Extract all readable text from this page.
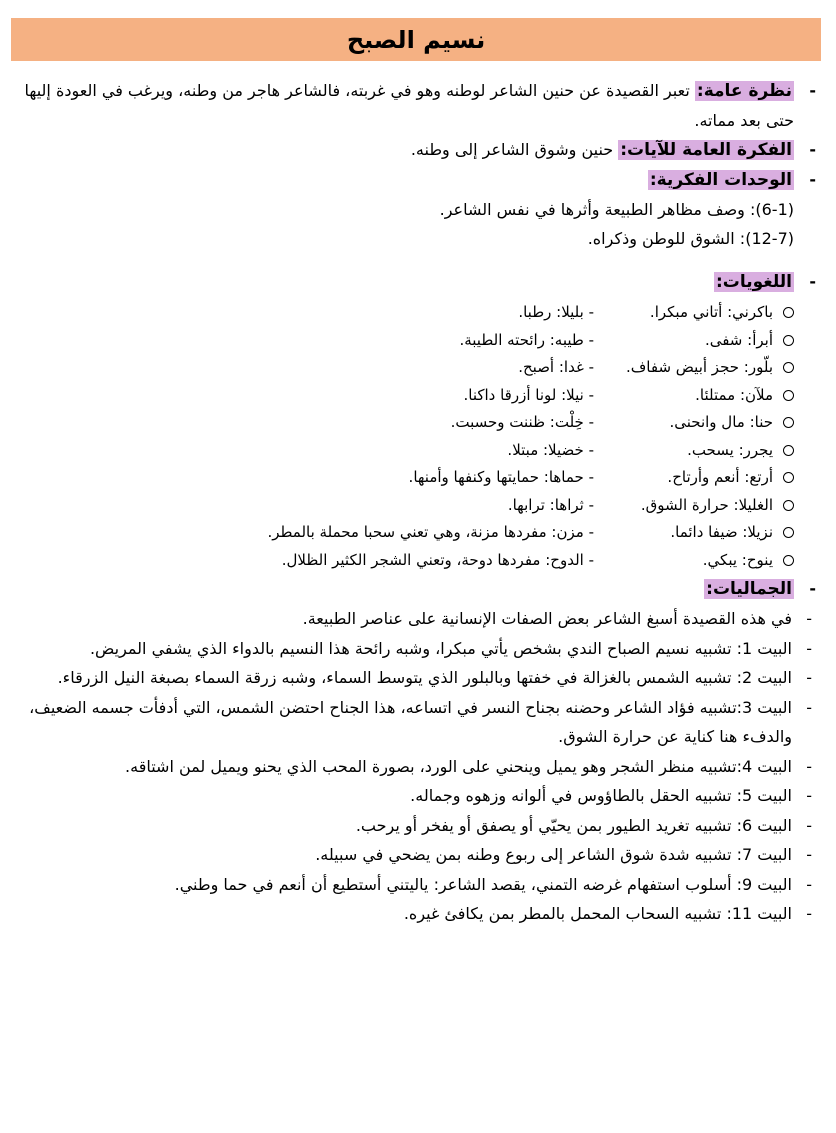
نسيم الصبح
-
نظرة عامة: تعبر القصيدة عن حنين الشاعر لوطنه وهو في غربته، فالشاعر هاجر من وطنه، ويرغب في العودة إليها حتى بعد مماته.
-
الفكرة العامة للآيات: حنين وشوق الشاعر إلى وطنه.
-
الوحدات الفكرية:
(6-1): وصف مظاهر الطبيعة وأثرها في نفس الشاعر.
(12-7): الشوق للوطن وذكراه.
-
اللغويات:
باكرني: أتاني مبكرا.
أبرأ: شفى.
بلّور: حجز أبيض شفاف.
ملآن: ممتلئا.
حنا: مال وانحنى.
يجرر: يسحب.
أرتع: أنعم وأرتاح.
الغليلا: حرارة الشوق.
نزيلا: ضيفا دائما.
ينوح: يبكي.
- بليلا: رطبا.
- طيبه: رائحته الطيبة.
- غدا: أصبح.
- نيلا: لونا أزرقا داكنا.
- خِلْت: ظننت وحسبت.
- خضيلا: مبتلا.
- حماها: حمايتها وكنفها وأمنها.
- ثراها: ترابها.
- مزن: مفردها مزنة، وهي تعني سحبا محملة بالمطر.
- الدوح: مفردها دوحة، وتعني الشجر الكثير الظلال.
-
الجماليات:
-
في هذه القصيدة أسبغ الشاعر بعض الصفات الإنسانية على عناصر الطبيعة.
-
البيت 1: تشبيه نسيم الصباح الندي بشخص يأتي مبكرا، وشبه رائحة هذا النسيم بالدواء الذي يشفي المريض.
-
البيت 2: تشبيه الشمس بالغزالة في خفتها وبالبلور الذي يتوسط السماء، وشبه زرقة السماء بصبغة النيل الزرقاء.
-
البيت 3:تشبيه فؤاد الشاعر وحضنه بجناح النسر في اتساعه، هذا الجناح احتضن الشمس، التي أدفأت جسمه الضعيف، والدفء هنا كناية عن حرارة الشوق.
-
البيت 4:تشبيه منظر الشجر وهو يميل وينحني على الورد، بصورة المحب الذي يحنو ويميل لمن اشتاقه.
-
البيت 5: تشبيه الحقل بالطاؤوس في ألوانه وزهوه وجماله.
-
البيت 6: تشبيه تغريد الطيور بمن يحيّي أو يصفق أو يفخر أو يرحب.
-
البيت 7: تشبيه شدة شوق الشاعر إلى ربوع وطنه بمن يضحي في سبيله.
-
البيت 9: أسلوب استفهام غرضه التمني، يقصد الشاعر: ياليتني أستطيع أن أنعم في حما وطني.
-
البيت 11: تشبيه السحاب المحمل بالمطر بمن يكافئ غيره.
